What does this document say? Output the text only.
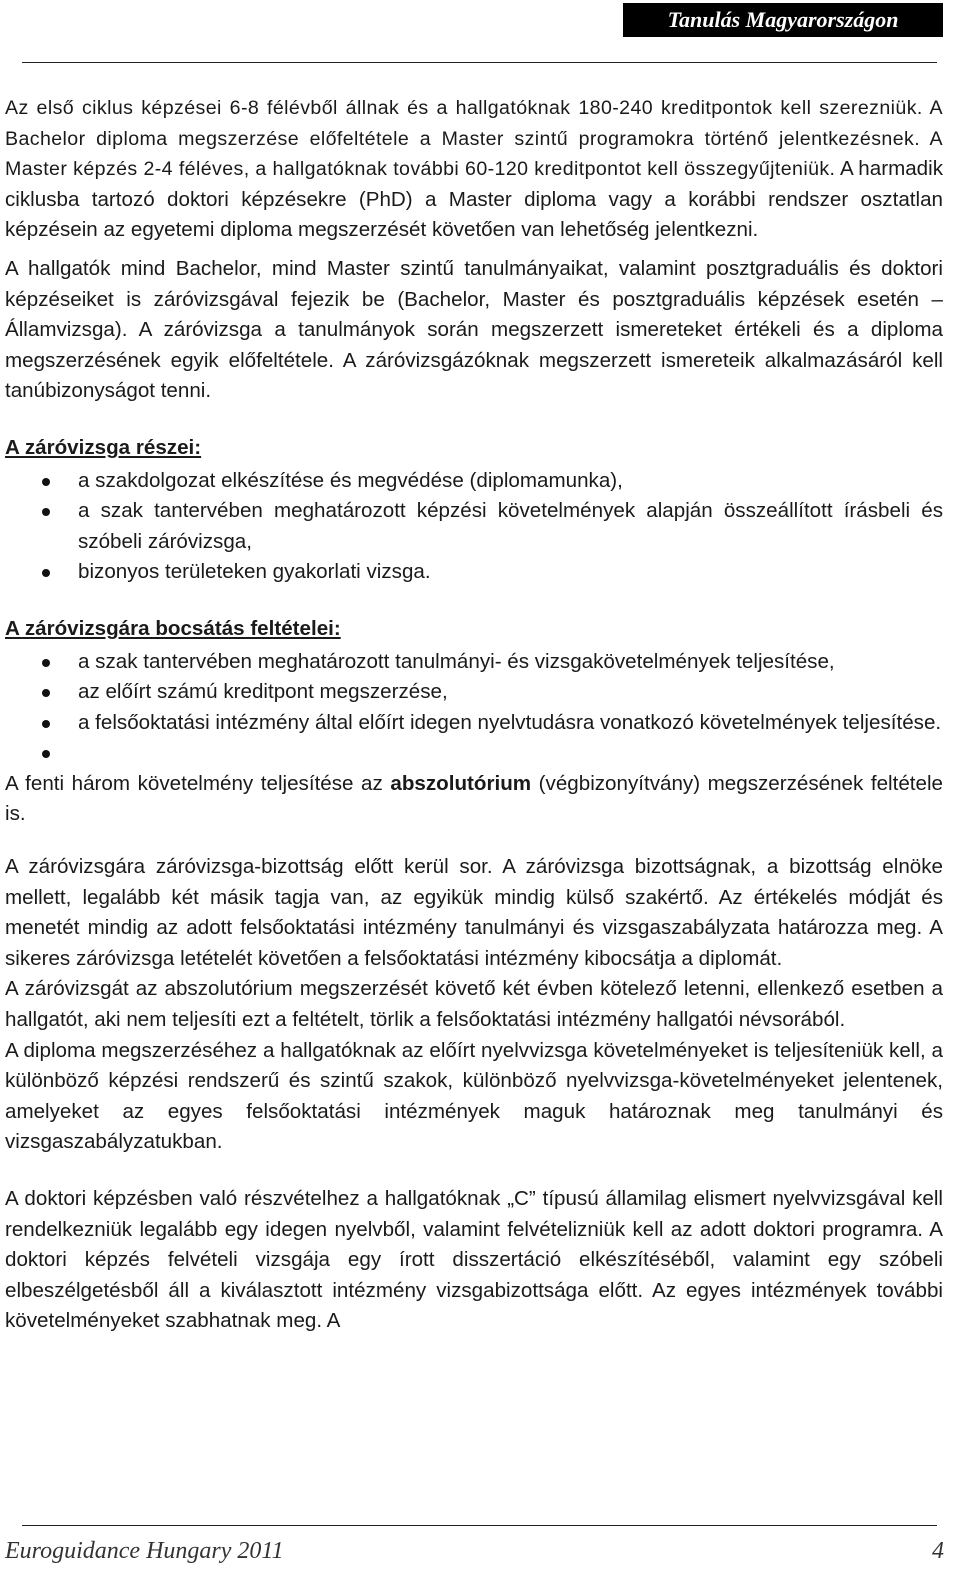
Tanulás Magyarországon

Az első ciklus képzései 6-8 félévből állnak és a hallgatóknak 180-240 kreditpontok kell szerezniük. A Bachelor diploma megszerzése előfeltétele a Master szintű programokra történő jelentkezésnek. A Master képzés 2-4 féléves, a hallgatóknak további 60-120 kreditpontot kell összegyűjteniük. A harmadik ciklusba tartozó doktori képzésekre (PhD) a Master diploma vagy a korábbi rendszer osztatlan képzésein az egyetemi diploma megszerzését követően van lehetőség jelentkezni.

A hallgatók mind Bachelor, mind Master szintű tanulmányaikat, valamint posztgraduális és doktori képzéseiket is záróvizsgával fejezik be (Bachelor, Master és posztgraduális képzések esetén – Államvizsga). A záróvizsga a tanulmányok során megszerzett ismereteket értékeli és a diploma megszerzésének egyik előfeltétele. A záróvizsgázóknak megszerzett ismereteik alkalmazásáról kell tanúbizonyságot tenni.

A záróvizsga részei:
a szakdolgozat elkészítése és megvédése (diplomamunka),
a szak tantervében meghatározott képzési követelmények alapján összeállított írásbeli és szóbeli záróvizsga,
bizonyos területeken gyakorlati vizsga.
A záróvizsgára bocsátás feltételei:
a szak tantervében meghatározott tanulmányi- és vizsgakövetelmények teljesítése,
az előírt számú kreditpont megszerzése,
a felsőoktatási intézmény által előírt idegen nyelvtudásra vonatkozó követelmények teljesítése.

A fenti három követelmény teljesítése az abszolutórium (végbizonyítvány) megszerzésének feltétele is.

A záróvizsgára záróvizsga-bizottság előtt kerül sor. A záróvizsga bizottságnak, a bizottság elnöke mellett, legalább két másik tagja van, az egyikük mindig külső szakértő. Az értékelés módját és menetét mindig az adott felsőoktatási intézmény tanulmányi és vizsgaszabályzata határozza meg. A sikeres záróvizsga letételét követően a felsőoktatási intézmény kibocsátja a diplomát.

A záróvizsgát az abszolutórium megszerzését követő két évben kötelező letenni, ellenkező esetben a hallgatót, aki nem teljesíti ezt a feltételt, törlik a felsőoktatási intézmény hallgatói névsorából.

A diploma megszerzéséhez a hallgatóknak az előírt nyelvvizsga követelményeket is teljesíteniük kell, a különböző képzési rendszerű és szintű szakok, különböző nyelvvizsga-követelményeket jelentenek, amelyeket az egyes felsőoktatási intézmények maguk határoznak meg tanulmányi és vizsgaszabályzatukban.

A doktori képzésben való részvételhez a hallgatóknak „C” típusú államilag elismert nyelvvizsgával kell rendelkezniük legalább egy idegen nyelvből, valamint felvételizniük kell az adott doktori programra. A doktori képzés felvételi vizsgája egy írott disszertáció elkészítéséből, valamint egy szóbeli elbeszélgetésből áll a kiválasztott intézmény vizsgabizottsága előtt. Az egyes intézmények további követelményeket szabhatnak meg. A

Euroguidance Hungary 2011	4
